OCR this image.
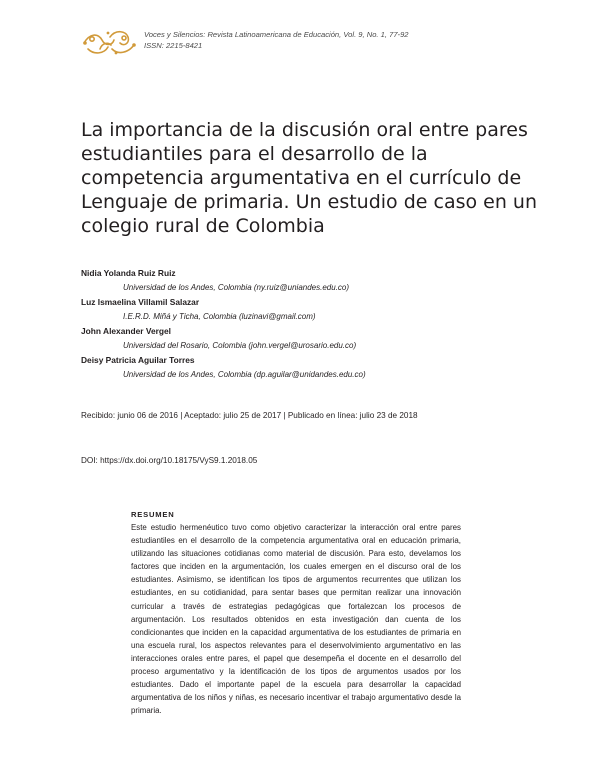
Voces y Silencios: Revista Latinoamericana de Educación, Vol. 9, No. 1, 77-92
ISSN: 2215-8421
La importancia de la discusión oral entre pares estudiantiles para el desarrollo de la competencia argumentativa en el currículo de Lenguaje de primaria. Un estudio de caso en un colegio rural de Colombia
Nidia Yolanda Ruiz Ruiz
Universidad de los Andes, Colombia (ny.ruiz@uniandes.edu.co)
Luz Ismaelina Villamil Salazar
I.E.R.D. Miñá y Ticha, Colombia (luzinavi@gmail.com)
John Alexander Vergel
Universidad del Rosario, Colombia (john.vergel@urosario.edu.co)
Deisy Patricia Aguilar Torres
Universidad de los Andes, Colombia (dp.aguilar@unidandes.edu.co)
Recibido: junio 06 de 2016 | Aceptado: julio 25 de 2017 | Publicado en línea: julio 23 de 2018
DOI: https://dx.doi.org/10.18175/VyS9.1.2018.05
RESUMEN

Este estudio hermenéutico tuvo como objetivo caracterizar la interacción oral entre pares estudiantiles en el desarrollo de la competencia argumentativa oral en educación primaria, utilizando las situaciones cotidianas como material de discusión. Para esto, develamos los factores que inciden en la argumentación, los cuales emergen en el discurso oral de los estudiantes. Asimismo, se identifican los tipos de argumentos recurrentes que utilizan los estudiantes, en su cotidianidad, para sentar bases que permitan realizar una innovación curricular a través de estrategias pedagógicas que fortalezcan los procesos de argumentación. Los resultados obtenidos en esta investigación dan cuenta de los condicionantes que inciden en la capacidad argumentativa de los estudiantes de primaria en una escuela rural, los aspectos relevantes para el desenvolvimiento argumentativo en las interacciones orales entre pares, el papel que desempeña el docente en el desarrollo del proceso argumentativo y la identificación de los tipos de argumentos usados por los estudiantes. Dado el importante papel de la escuela para desarrollar la capacidad argumentativa de los niños y niñas, es necesario incentivar el trabajo argumentativo desde la primaria.
